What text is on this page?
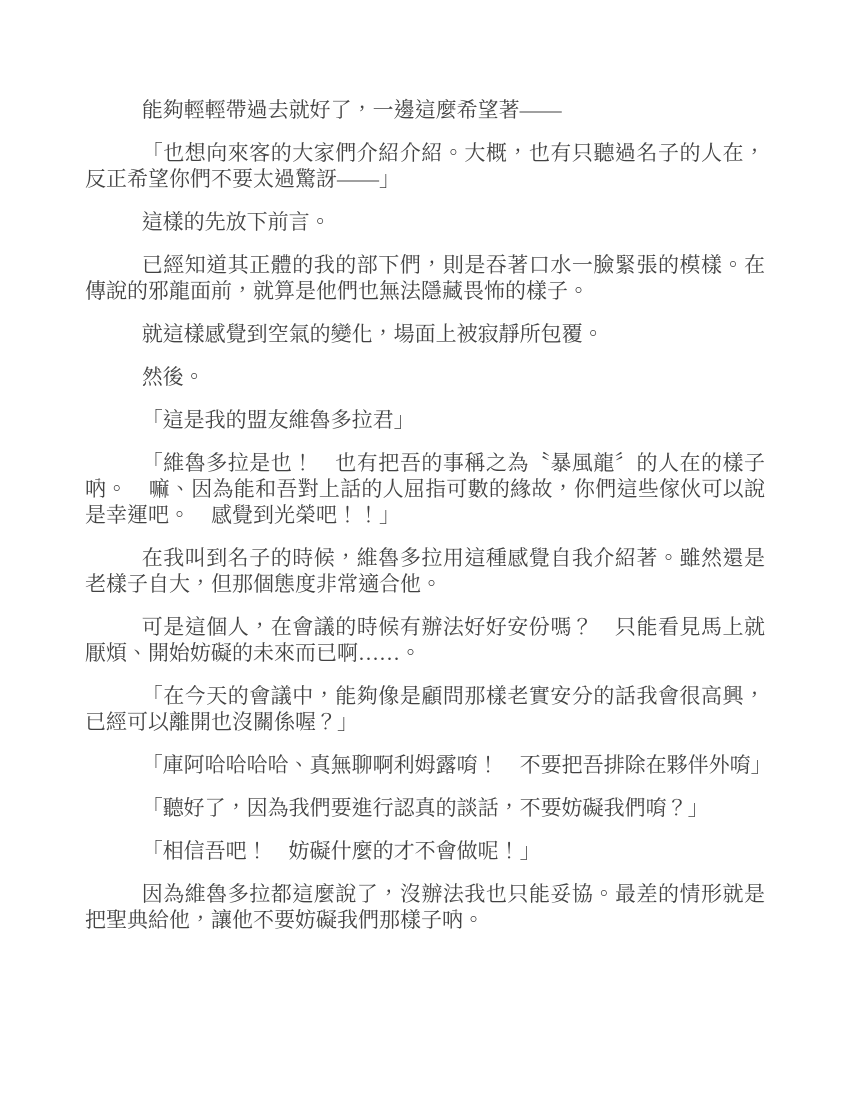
能夠輕輕帶過去就好了，一邊這麼希望著——

「也想向來客的大家們介紹介紹。大概，也有只聽過名子的人在，反正希望你們不要太過驚訝——」

這樣的先放下前言。

已經知道其正體的我的部下們，則是吞著口水一臉緊張的模樣。在傳說的邪龍面前，就算是他們也無法隱藏畏怖的樣子。

就這樣感覺到空氣的變化，場面上被寂靜所包覆。

然後。

「這是我的盟友維魯多拉君」

「維魯多拉是也！　也有把吾的事稱之為〝暴風龍〞的人在的樣子吶。　嘛、因為能和吾對上話的人屈指可數的緣故，你們這些傢伙可以說是幸運吧。　感覺到光榮吧！！」

在我叫到名子的時候，維魯多拉用這種感覺自我介紹著。雖然還是老樣子自大，但那個態度非常適合他。

可是這個人，在會議的時候有辦法好好安份嗎？　只能看見馬上就厭煩、開始妨礙的未來而已啊……。

「在今天的會議中，能夠像是顧問那樣老實安分的話我會很高興，已經可以離開也沒關係喔？」

「庫阿哈哈哈哈、真無聊啊利姆露唷！　不要把吾排除在夥伴外唷」

「聽好了，因為我們要進行認真的談話，不要妨礙我們唷？」

「相信吾吧！　妨礙什麼的才不會做呢！」

因為維魯多拉都這麼說了，沒辦法我也只能妥協。最差的情形就是把聖典給他，讓他不要妨礙我們那樣子吶。
